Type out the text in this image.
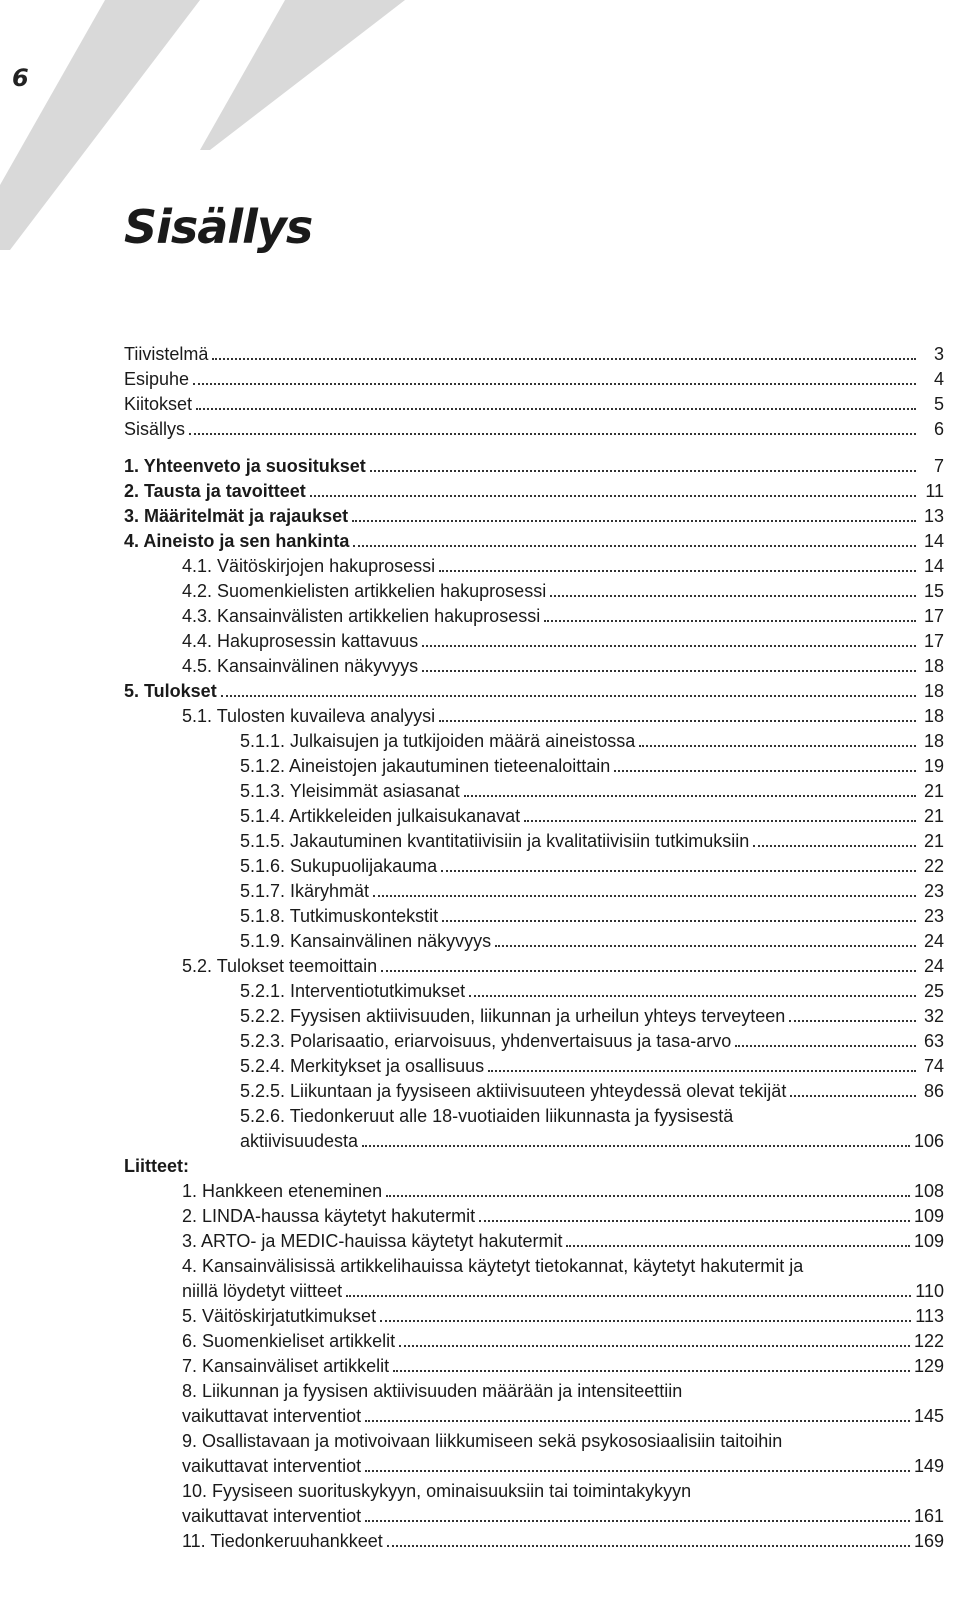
6
Sisällys
Tiivistelmä	3
Esipuhe	4
Kiitokset	5
Sisällys	6
1. Yhteenveto ja suositukset	7
2. Tausta ja tavoitteet	11
3. Määritelmät ja rajaukset	13
4. Aineisto ja sen hankinta	14
4.1. Väitöskirjojen hakuprosessi	14
4.2. Suomenkielisten artikkelien hakuprosessi	15
4.3. Kansainvälisten artikkelien hakuprosessi	17
4.4. Hakuprosessin kattavuus	17
4.5. Kansainvälinen näkyvyys	18
5. Tulokset	18
5.1. Tulosten kuvaileva analyysi	18
5.1.1. Julkaisujen ja tutkijoiden määrä aineistossa	18
5.1.2. Aineistojen jakautuminen tieteenaloittain	19
5.1.3. Yleisimmät asiasanat	21
5.1.4. Artikkeleiden julkaisukanavat	21
5.1.5. Jakautuminen kvantitatiivisiin ja kvalitatiivisiin tutkimuksiin	21
5.1.6. Sukupuolijakauma	22
5.1.7. Ikäryhmät	23
5.1.8. Tutkimuskontekstit	23
5.1.9. Kansainvälinen näkyvyys	24
5.2. Tulokset teemoittain	24
5.2.1. Interventiotutkimukset	25
5.2.2. Fyysisen aktiivisuuden, liikunnan ja urheilun yhteys terveyteen	32
5.2.3. Polarisaatio, eriarvoisuus, yhdenvertaisuus ja tasa-arvo	63
5.2.4. Merkitykset ja osallisuus	74
5.2.5. Liikuntaan ja fyysiseen aktiivisuuteen yhteydessä olevat tekijät	86
5.2.6. Tiedonkeruut alle 18-vuotiaiden liikunnasta ja fyysisestä
aktiivisuudesta	106
Liitteet:
1. Hankkeen eteneminen	108
2. LINDA-haussa käytetyt hakutermit	109
3. ARTO- ja MEDIC-hauissa käytetyt hakutermit	109
4. Kansainvälisissä artikkelihauissa käytetyt tietokannat, käytetyt hakutermit ja
niillä löydetyt viitteet	110
5. Väitöskirjatutkimukset	113
6. Suomenkieliset artikkelit	122
7. Kansainväliset artikkelit	129
8. Liikunnan ja fyysisen aktiivisuuden määrään ja intensiteettiin
vaikuttavat interventiot	145
9. Osallistavaan ja motivoivaan liikkumiseen sekä psykososiaalisiin taitoihin
vaikuttavat interventiot	149
10. Fyysiseen suorituskykyyn, ominaisuuksiin tai toimintakykyyn
vaikuttavat interventiot	161
11. Tiedonkeruuhankkeet	169
